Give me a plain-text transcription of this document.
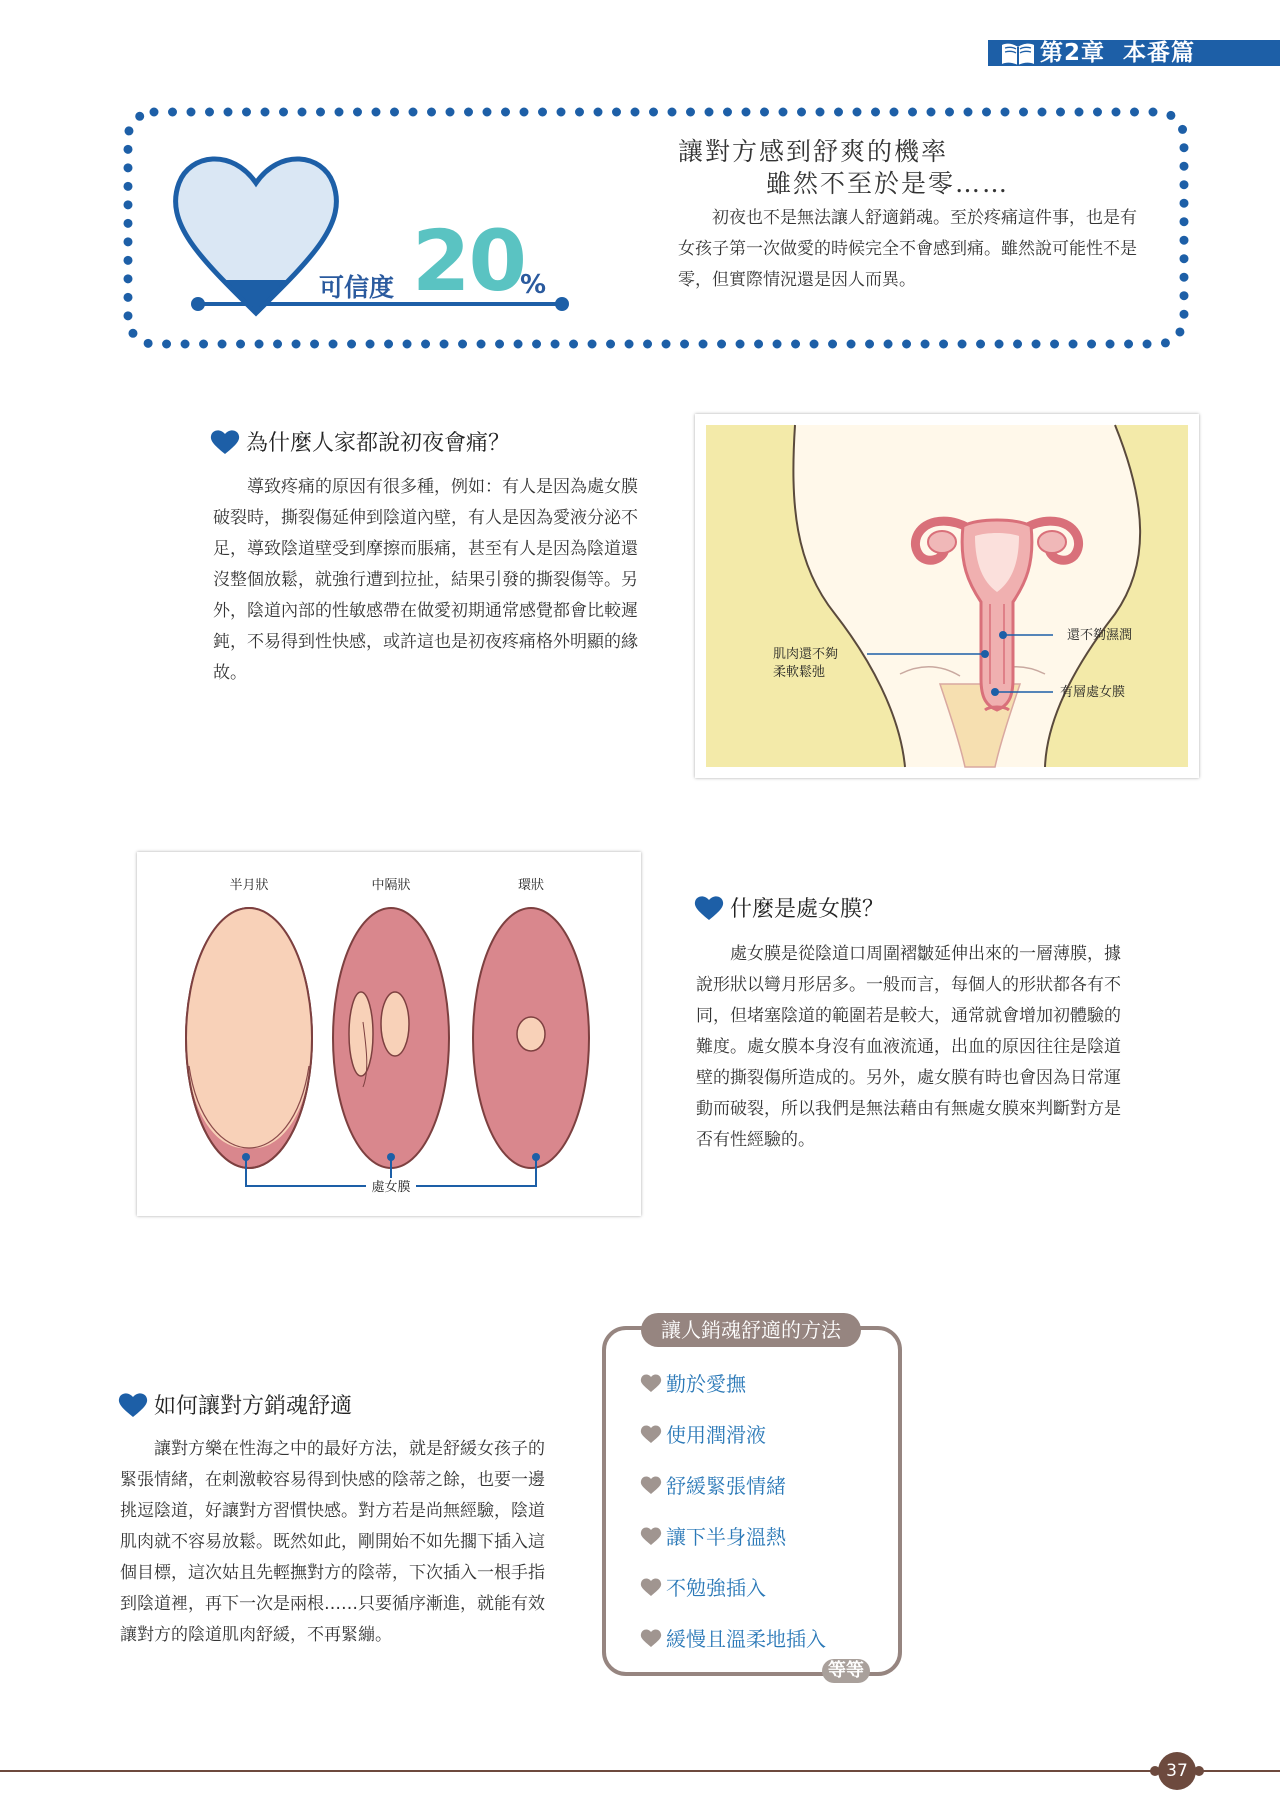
第2章 本番篇
可信度 20
%
讓對方感到舒爽的機率
雖然不至於是零……

初夜也不是無法讓人舒適銷魂。至於疼痛這件事，也是有女孩子第一次做愛的時候完全不會感到痛。雖然說可能性不是零，但實際情況還是因人而異。

為什麼人家都說初夜會痛？

導致疼痛的原因有很多種，例如：有人是因為處女膜破裂時，撕裂傷延伸到陰道內壁，有人是因為愛液分泌不足，導致陰道壁受到摩擦而脹痛，甚至有人是因為陰道還沒整個放鬆，就強行遭到拉扯，結果引發的撕裂傷等。另外，陰道內部的性敏感帶在做愛初期通常感覺都會比較遲鈍，不易得到性快感，或許這也是初夜疼痛格外明顯的緣故。

肌肉還不夠
柔軟鬆弛
還不夠濕潤
有層處女膜
處女膜
半月狀	中隔狀	環狀
什麼是處女膜？

處女膜是從陰道口周圍褶皺延伸出來的一層薄膜，據說形狀以彎月形居多。一般而言，每個人的形狀都各有不同，但堵塞陰道的範圍若是較大，通常就會增加初體驗的難度。處女膜本身沒有血液流通，出血的原因往往是陰道壁的撕裂傷所造成的。另外，處女膜有時也會因為日常運動而破裂，所以我們是無法藉由有無處女膜來判斷對方是否有性經驗的。

讓人銷魂舒適的方法
勤於愛撫
使用潤滑液
舒緩緊張情緒
讓下半身溫熱
不勉強插入
緩慢且溫柔地插入
等等
如何讓對方銷魂舒適

讓對方樂在性海之中的最好方法，就是舒緩女孩子的緊張情緒，在刺激較容易得到快感的陰蒂之餘，也要一邊挑逗陰道，好讓對方習慣快感。對方若是尚無經驗，陰道肌肉就不容易放鬆。既然如此，剛開始不如先擱下插入這個目標，這次姑且先輕撫對方的陰蒂，下次插入一根手指到陰道裡，再下一次是兩根……只要循序漸進，就能有效讓對方的陰道肌肉舒緩，不再緊繃。

37
